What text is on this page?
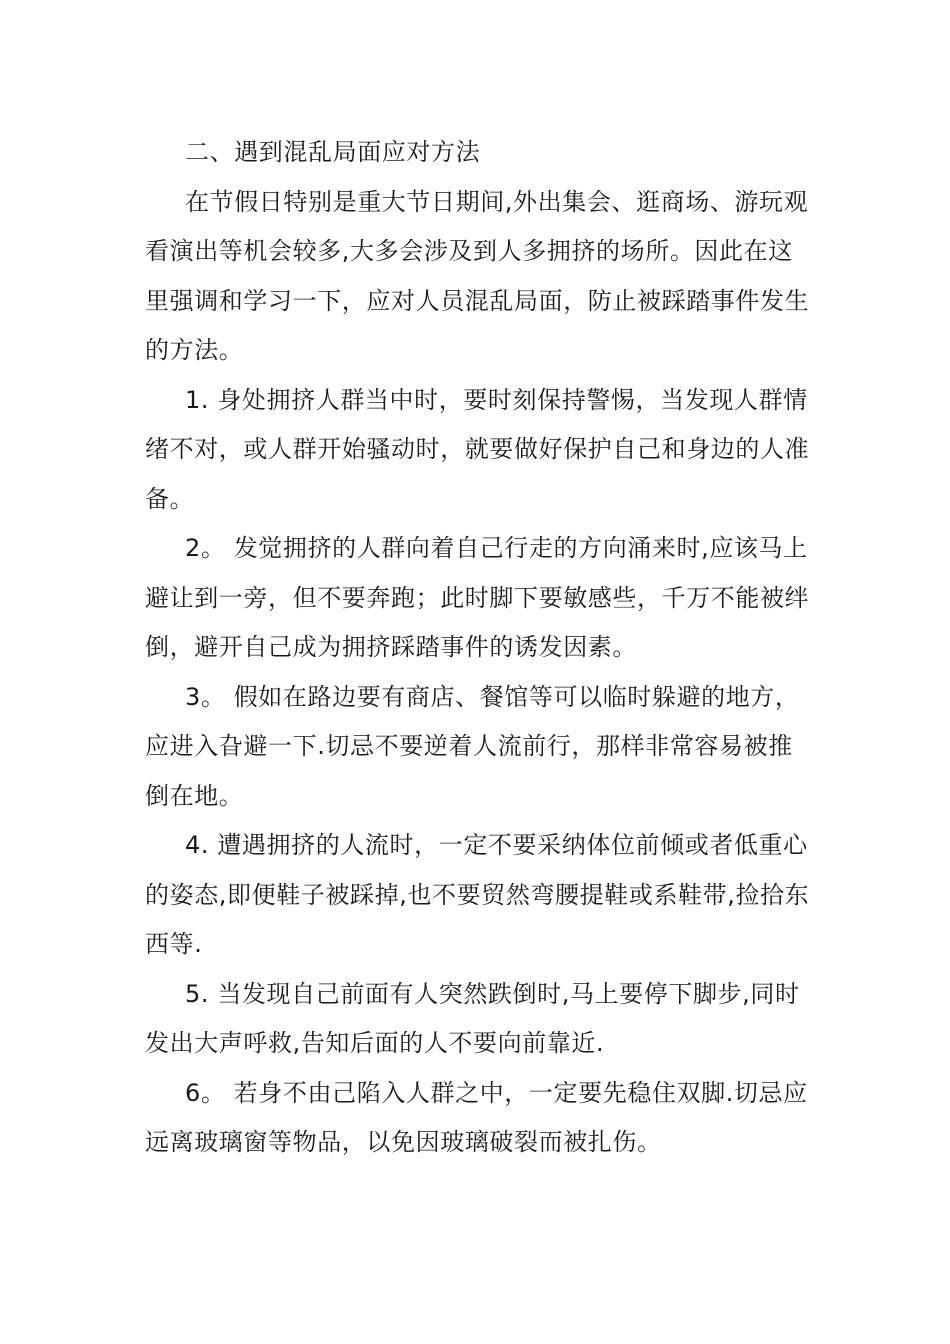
二、遇到混乱局面应对方法

在节假日特别是重大节日期间,外出集会、逛商场、游玩观看演出等机会较多,大多会涉及到人多拥挤的场所。因此在这里强调和学习一下，应对人员混乱局面，防止被踩踏事件发生的方法。

1. 身处拥挤人群当中时，要时刻保持警惕，当发现人群情绪不对，或人群开始骚动时，就要做好保护自己和身边的人准备。

2。 发觉拥挤的人群向着自己行走的方向涌来时,应该马上避让到一旁，但不要奔跑；此时脚下要敏感些，千万不能被绊倒，避开自己成为拥挤踩踏事件的诱发因素。

3。 假如在路边要有商店、餐馆等可以临时躲避的地方，应进入旮避一下.切忌不要逆着人流前行，那样非常容易被推倒在地。

4. 遭遇拥挤的人流时，一定不要采纳体位前倾或者低重心的姿态,即便鞋子被踩掉,也不要贸然弯腰提鞋或系鞋带,捡拾东西等.

5. 当发现自己前面有人突然跌倒时,马上要停下脚步,同时发出大声呼救,告知后面的人不要向前靠近.

6。 若身不由己陷入人群之中，一定要先稳住双脚.切忌应远离玻璃窗等物品，以免因玻璃破裂而被扎伤。
